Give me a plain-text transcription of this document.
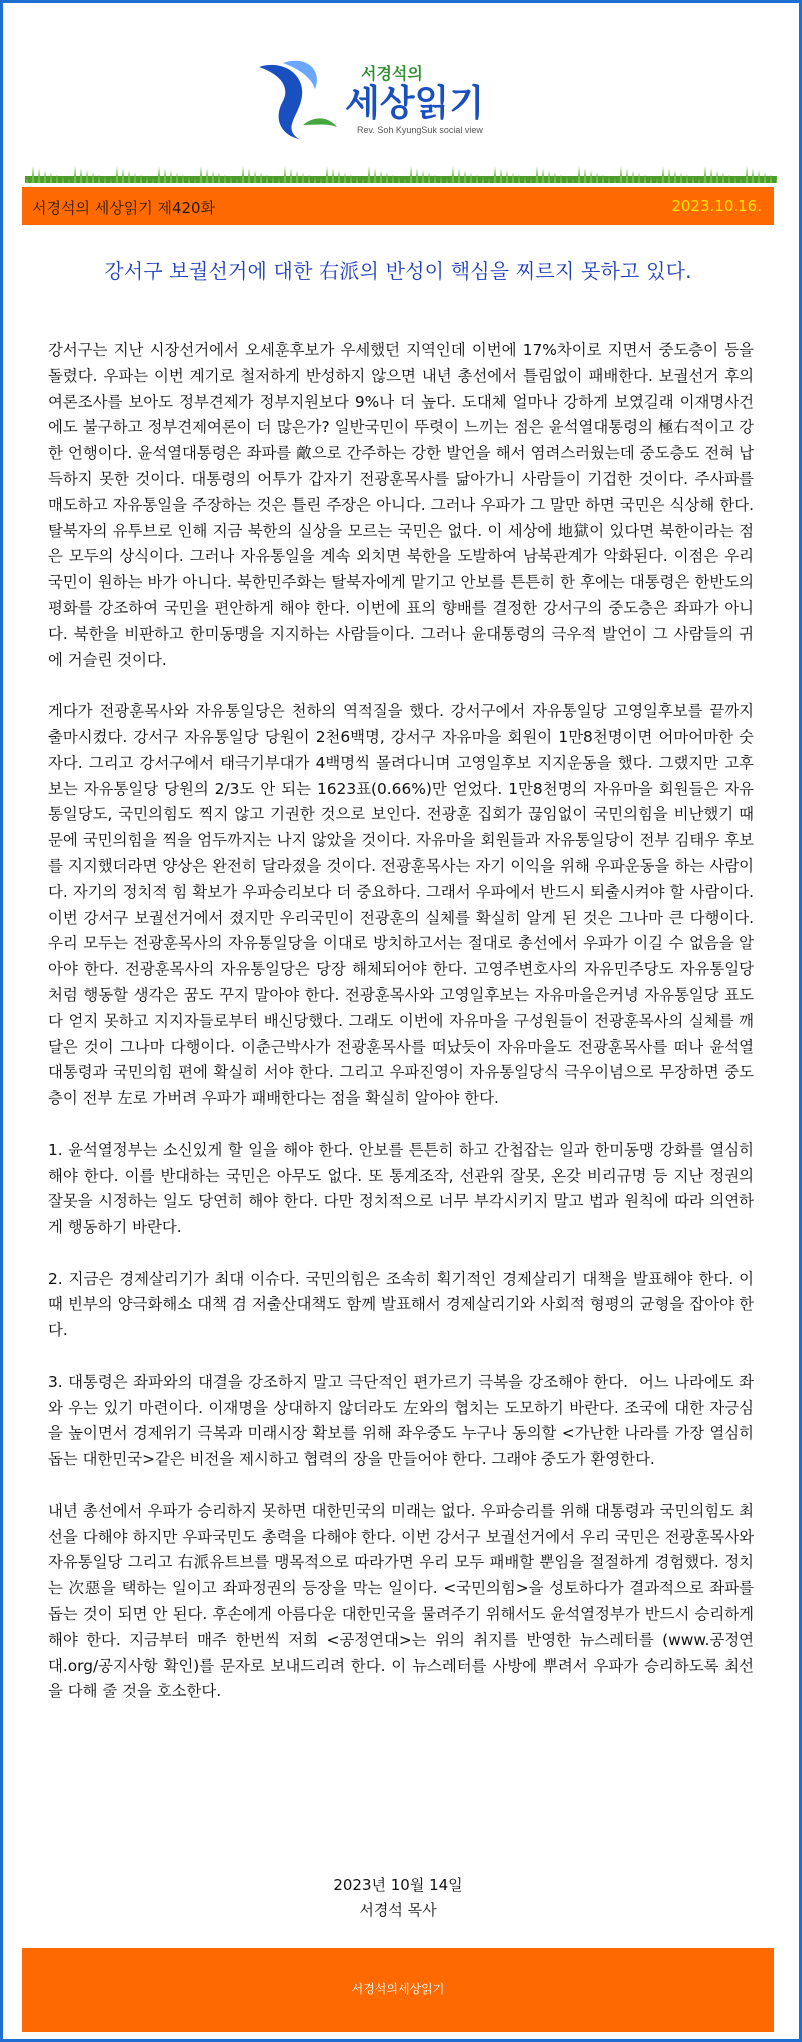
서경석의
세상읽기
Rev. Soh KyungSuk social view
서경석의 세상읽기 제420화	2023.10.16.
강서구 보궐선거에 대한 右派의 반성이 핵심을 찌르지 못하고 있다.

강서구는 지난 시장선거에서 오세훈후보가 우세했던 지역인데 이번에 17%차이로 지면서 중도층이 등을 돌렸다. 우파는 이번 계기로 철저하게 반성하지 않으면 내년 총선에서 틀림없이 패배한다. 보궐선거 후의 여론조사를 보아도 정부견제가 정부지원보다 9%나 더 높다. 도대체 얼마나 강하게 보였길래 이재명사건에도 불구하고 정부견제여론이 더 많은가? 일반국민이 뚜렷이 느끼는 점은 윤석열대통령의 極右적이고 강한 언행이다. 윤석열대통령은 좌파를 敵으로 간주하는 강한 발언을 해서 염려스러웠는데 중도층도 전혀 납득하지 못한 것이다. 대통령의 어투가 갑자기 전광훈목사를 닮아가니 사람들이 기겁한 것이다. 주사파를 매도하고 자유통일을 주장하는 것은 틀린 주장은 아니다. 그러나 우파가 그 말만 하면 국민은 식상해 한다. 탈북자의 유투브로 인해 지금 북한의 실상을 모르는 국민은 없다. 이 세상에 地獄이 있다면 북한이라는 점은 모두의 상식이다. 그러나 자유통일을 계속 외치면 북한을 도발하여 남북관계가 악화된다. 이점은 우리국민이 원하는 바가 아니다. 북한민주화는 탈북자에게 맡기고 안보를 튼튼히 한 후에는 대통령은 한반도의 평화를 강조하여 국민을 편안하게 해야 한다. 이번에 표의 향배를 결정한 강서구의 중도층은 좌파가 아니다. 북한을 비판하고 한미동맹을 지지하는 사람들이다. 그러나 윤대통령의 극우적 발언이 그 사람들의 귀에 거슬린 것이다.

게다가 전광훈목사와 자유통일당은 천하의 역적질을 했다. 강서구에서 자유통일당 고영일후보를 끝까지 출마시켰다. 강서구 자유통일당 당원이 2천6백명, 강서구 자유마을 회원이 1만8천명이면 어마어마한 숫자다. 그리고 강서구에서 태극기부대가 4백명씩 몰려다니며 고영일후보 지지운동을 했다. 그랬지만 고후보는 자유통일당 당원의 2/3도 안 되는 1623표(0.66%)만 얻었다. 1만8천명의 자유마을 회원들은 자유통일당도, 국민의힘도 찍지 않고 기권한 것으로 보인다. 전광훈 집회가 끊임없이 국민의힘을 비난했기 때문에 국민의힘을 찍을 엄두까지는 나지 않았을 것이다. 자유마을 회원들과 자유통일당이 전부 김태우 후보를 지지했더라면 양상은 완전히 달라졌을 것이다. 전광훈목사는 자기 이익을 위해 우파운동을 하는 사람이다. 자기의 정치적 힘 확보가 우파승리보다 더 중요하다. 그래서 우파에서 반드시 퇴출시켜야 할 사람이다. 이번 강서구 보궐선거에서 졌지만 우리국민이 전광훈의 실체를 확실히 알게 된 것은 그나마 큰 다행이다. 우리 모두는 전광훈목사의 자유통일당을 이대로 방치하고서는 절대로 총선에서 우파가 이길 수 없음을 알아야 한다. 전광훈목사의 자유통일당은 당장 해체되어야 한다. 고영주변호사의 자유민주당도 자유통일당처럼 행동할 생각은 꿈도 꾸지 말아야 한다. 전광훈목사와 고영일후보는 자유마을은커녕 자유통일당 표도 다 얻지 못하고 지지자들로부터 배신당했다. 그래도 이번에 자유마을 구성원들이 전광훈목사의 실체를 깨달은 것이 그나마 다행이다. 이춘근박사가 전광훈목사를 떠났듯이 자유마을도 전광훈목사를 떠나 윤석열대통령과 국민의힘 편에 확실히 서야 한다. 그리고 우파진영이 자유통일당식 극우이념으로 무장하면 중도층이 전부 左로 가버려 우파가 패배한다는 점을 확실히 알아야 한다.

1. 윤석열정부는 소신있게 할 일을 해야 한다. 안보를 튼튼히 하고 간첩잡는 일과 한미동맹 강화를 열심히 해야 한다. 이를 반대하는 국민은 아무도 없다. 또 통계조작, 선관위 잘못, 온갖 비리규명 등 지난 정권의 잘못을 시정하는 일도 당연히 해야 한다. 다만 정치적으로 너무 부각시키지 말고 법과 원칙에 따라 의연하게 행동하기 바란다.

2. 지금은 경제살리기가 최대 이슈다. 국민의힘은 조속히 획기적인 경제살리기 대책을 발표해야 한다. 이때 빈부의 양극화해소 대책 겸 저출산대책도 함께 발표해서 경제살리기와 사회적 형평의 균형을 잡아야 한다.

3. 대통령은 좌파와의 대결을 강조하지 말고 극단적인 편가르기 극복을 강조해야 한다.  어느 나라에도 좌와 우는 있기 마련이다. 이재명을 상대하지 않더라도 左와의 협치는 도모하기 바란다. 조국에 대한 자긍심을 높이면서 경제위기 극복과 미래시장 확보를 위해 좌우중도 누구나 동의할 <가난한 나라를 가장 열심히 돕는 대한민국>같은 비전을 제시하고 협력의 장을 만들어야 한다. 그래야 중도가 환영한다.

내년 총선에서 우파가 승리하지 못하면 대한민국의 미래는 없다. 우파승리를 위해 대통령과 국민의힘도 최선을 다해야 하지만 우파국민도 총력을 다해야 한다. 이번 강서구 보궐선거에서 우리 국민은 전광훈목사와 자유통일당 그리고 右派유트브를 맹목적으로 따라가면 우리 모두 패배할 뿐임을 절절하게 경험했다. 정치는 次惡을 택하는 일이고 좌파정권의 등장을 막는 일이다. <국민의힘>을 성토하다가 결과적으로 좌파를 돕는 것이 되면 안 된다. 후손에게 아름다운 대한민국을 물려주기 위해서도 윤석열정부가 반드시 승리하게 해야 한다. 지금부터 매주 한번씩 저희 <공정연대>는 위의 취지를 반영한 뉴스레터를 (www.공정연대.org/공지사항 확인)를 문자로 보내드리려 한다. 이 뉴스레터를 사방에 뿌려서 우파가 승리하도록 최선을 다해 줄 것을 호소한다.

2023년 10월 14일
서경석 목사
서경석의세상읽기
